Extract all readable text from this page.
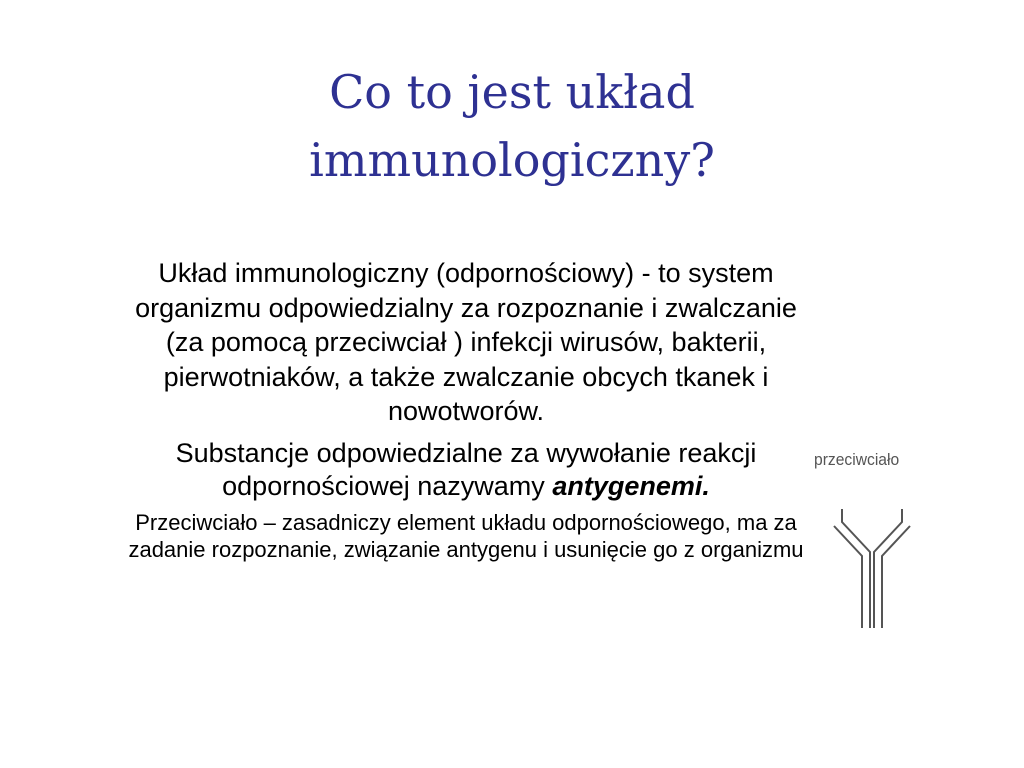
Co to jest układ
immunologiczny?

Układ immunologiczny (odpornościowy) - to system organizmu odpowiedzialny za rozpoznanie i zwalczanie (za pomocą przeciwciał ) infekcji wirusów, bakterii, pierwotniaków, a także zwalczanie obcych tkanek i nowotworów.

Substancje odpowiedzialne za wywołanie reakcji odpornościowej nazywamy antygenemi.

Przeciwciało – zasadniczy element układu odpornościowego, ma za zadanie rozpoznanie, związanie antygenu i usunięcie go z organizmu

przeciwciało
